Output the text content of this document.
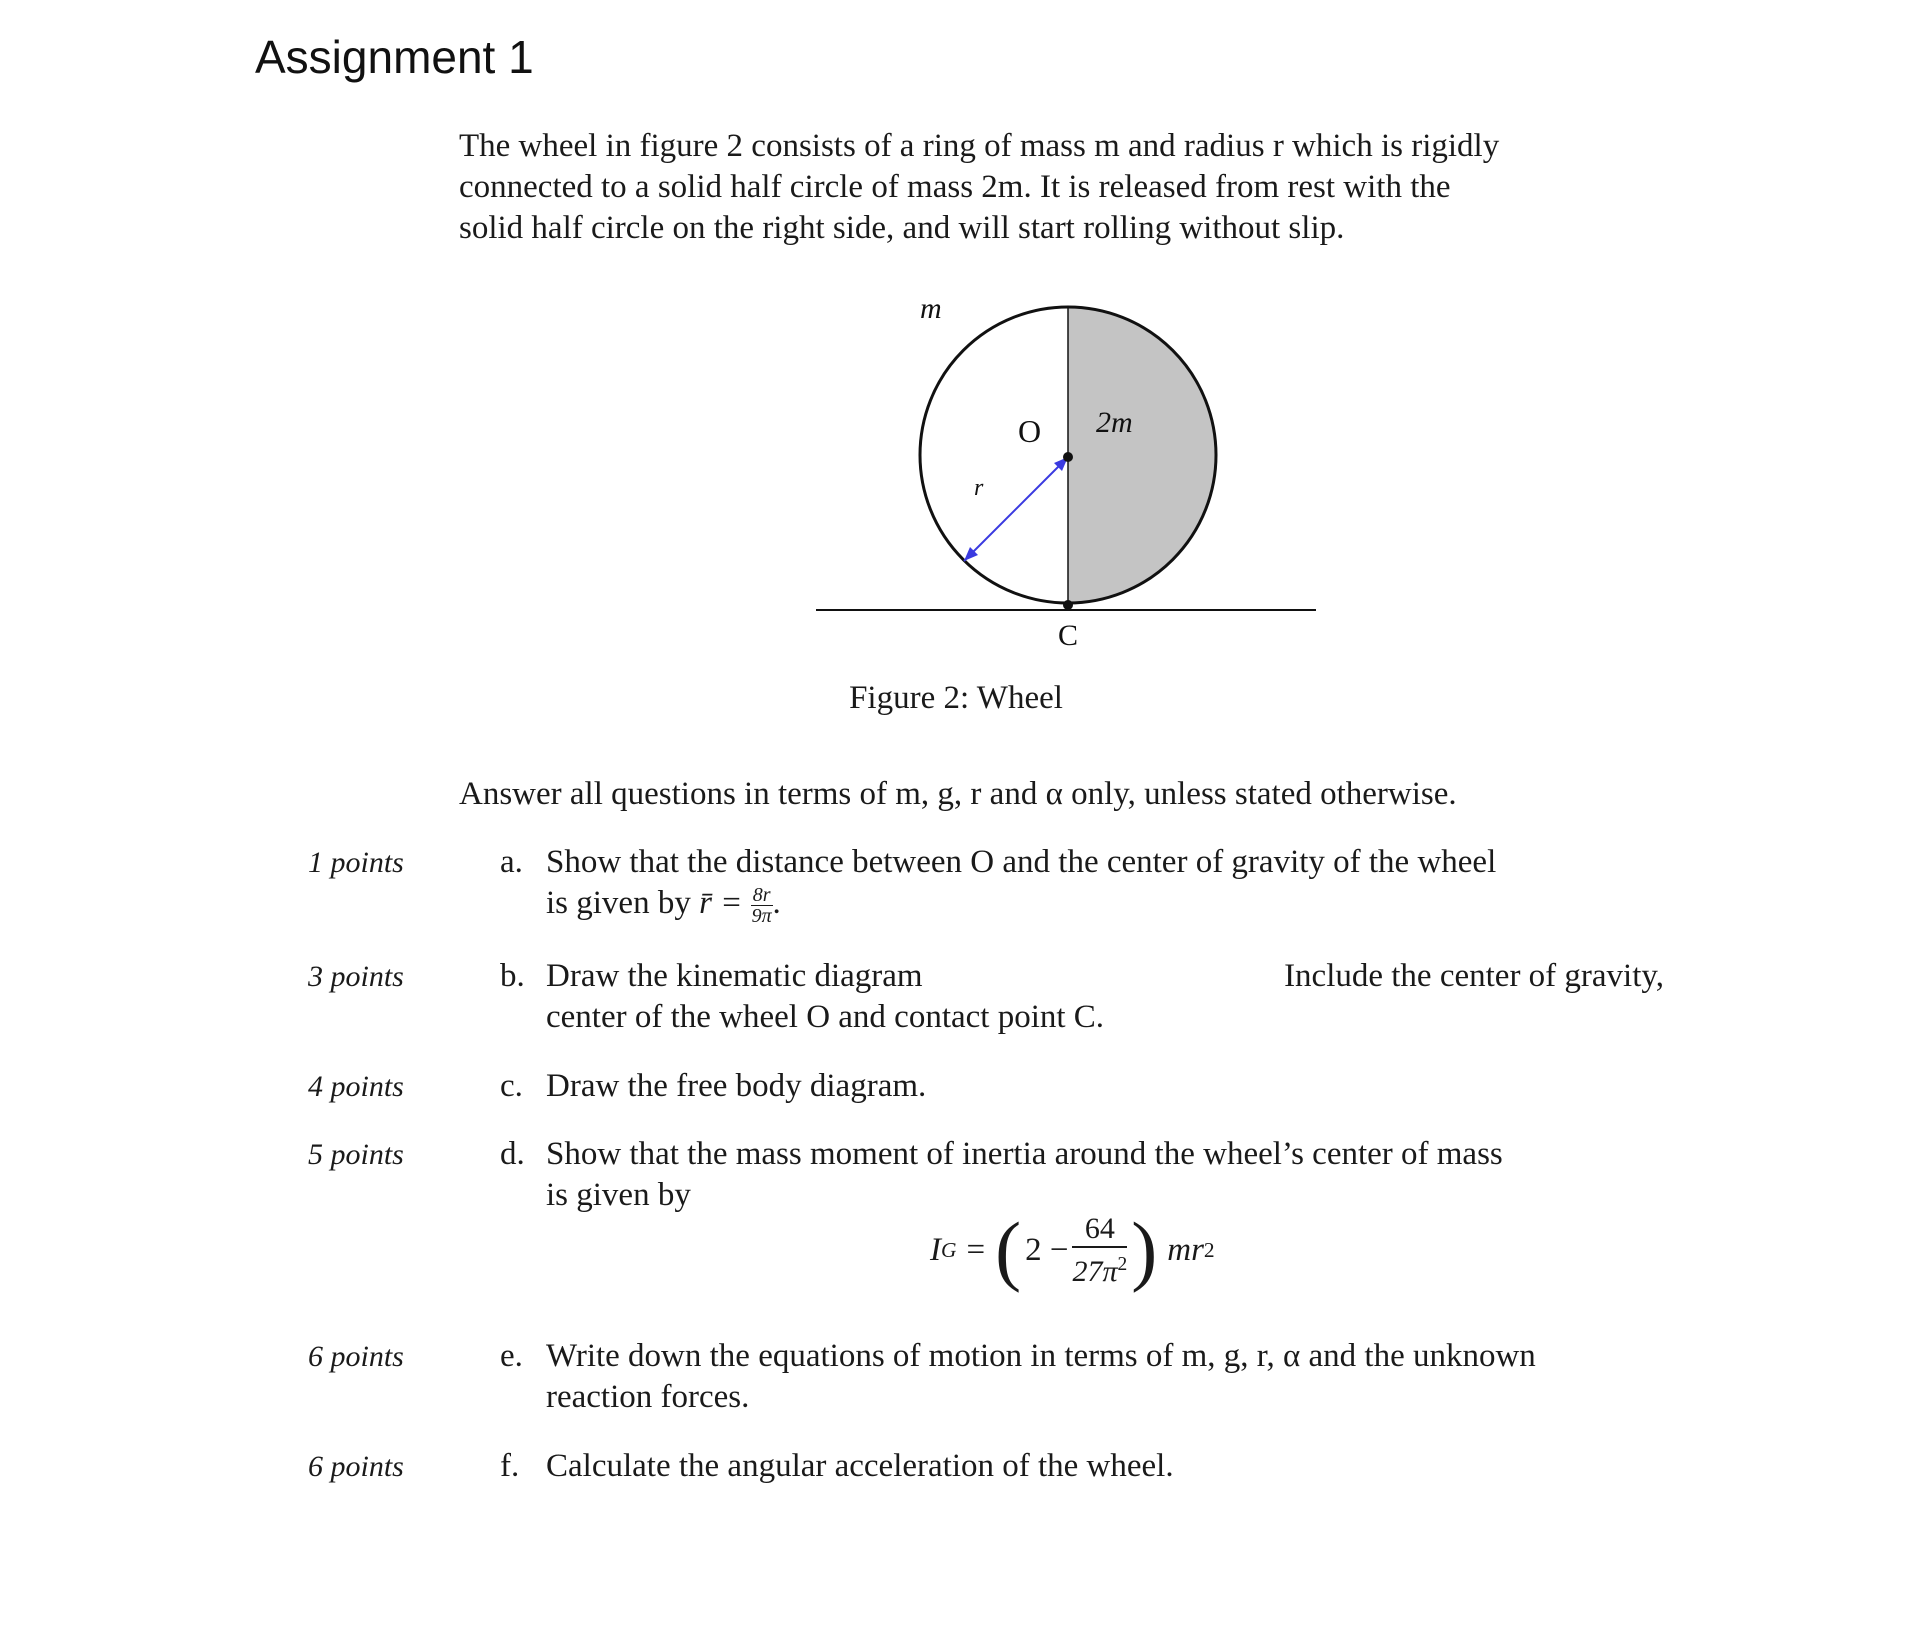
Assignment 1

The wheel in figure 2 consists of a ring of mass m and radius r which is rigidly

connected to a solid half circle of mass 2m. It is released from rest with the

solid half circle on the right side, and will start rolling without slip.

m
O 2m
r
C
Figure 2: Wheel
Answer all questions in terms of m, g, r and α only, unless stated otherwise.
1 points	a. Show that the distance between O and the center of gravity of the wheel
is given by r̄ = $\frac{8r}{9\pi}$ .
3 points	b. Draw the kinematic diagram	Include the center of gravity,
center of the wheel O and contact point C.
4 points	c. Draw the free body diagram.
5 points	d. Show that the mass moment of inertia around the wheel’s center of mass
is given by
I G = ( $2 - \frac{64}{27\pi^2}$ ) mr 2
6 points	e. Write down the equations of motion in terms of m, g, r, α and the unknown
reaction forces.
6 points	f. Calculate the angular acceleration of the wheel.
